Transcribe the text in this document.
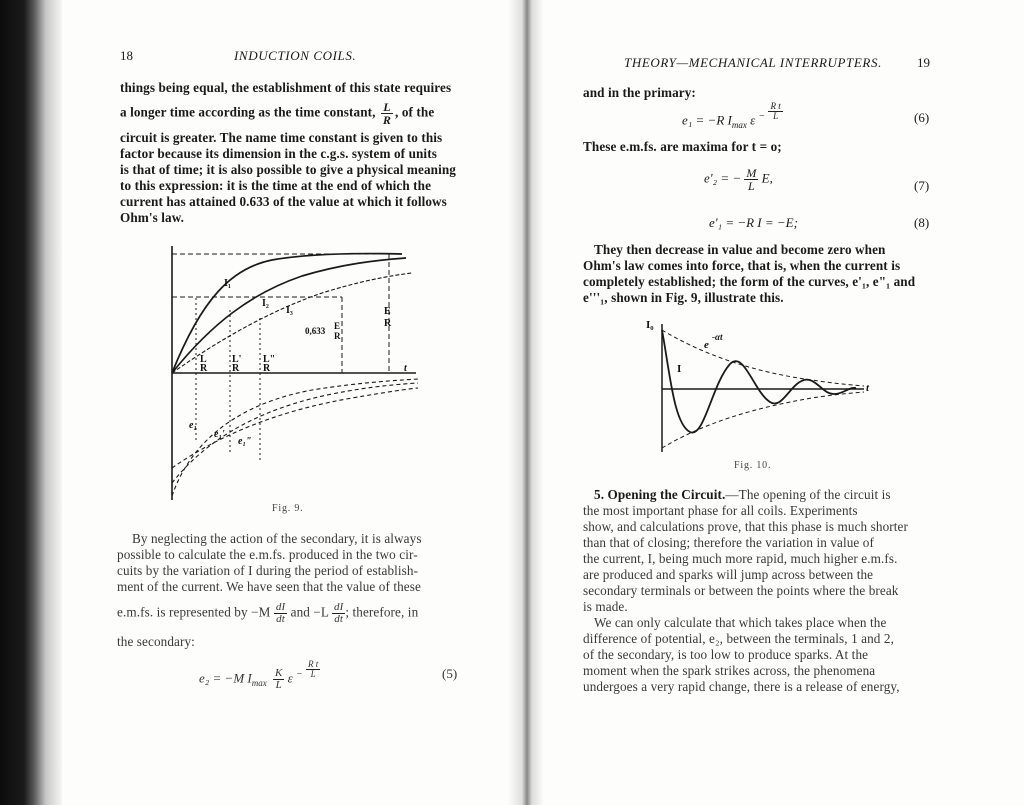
18	INDUCTION COILS.
things being equal, the establishment of this state requires
a longer time according as the time constant, $\frac{L}{R}$ , of the
circuit is greater. The name time constant is given to this
factor because its dimension in the c.g.s. system of units
is that of time; it is also possible to give a physical meaning
to this expression: it is the time at the end of which the
current has attained 0.633 of the value at which it follows
Ohm's law.
I₁
I₂
I₃
L
R
L'
R
L"
R
0,633 E
R
E
R
t
e₁
e₁'
e₁"
Fig. 9.
By neglecting the action of the secondary, it is always
possible to calculate the e.m.fs. produced in the two cir-
cuits by the variation of I during the period of establish-
ment of the current. We have seen that the value of these
e.m.fs. is represented by $-M \frac{dI}{dt}$ and $-L \frac{dI}{dt}$ ; therefore, in
the secondary:
e₂ = −M $I_{max} \frac{K}{L}$ ε $^- \frac{\text{R t}}{L}$	(5)
THEORY—MECHANICAL INTERRUPTERS.	19
and in the primary:
e₁ = −R $I_{max}$ ε $^- \frac{\text{R t}}{L}$	(6)
These e.m.fs. are maxima for t = o;
e'₂ = − $\frac{M}{L} E$,
(7)
e'₁ = −R I = −E;	(8)
They then decrease in value and become zero when
Ohm's law comes into force, that is, when the current is
completely established; the form of the curves, e'₁, e"₁ and
e'''₁, shown in Fig. 9, illustrate this.
I₀
e
-αt
I
t
Fig. 10.
5. Opening the Circuit.—The opening of the circuit is
the most important phase for all coils. Experiments
show, and calculations prove, that this phase is much shorter
than that of closing; therefore the variation in value of
the current, I, being much more rapid, much higher e.m.fs.
are produced and sparks will jump across between the
secondary terminals or between the points where the break
is made.
We can only calculate that which takes place when the
difference of potential, e₂, between the terminals, 1 and 2,
of the secondary, is too low to produce sparks. At the
moment when the spark strikes across, the phenomena
undergoes a very rapid change, there is a release of energy,
